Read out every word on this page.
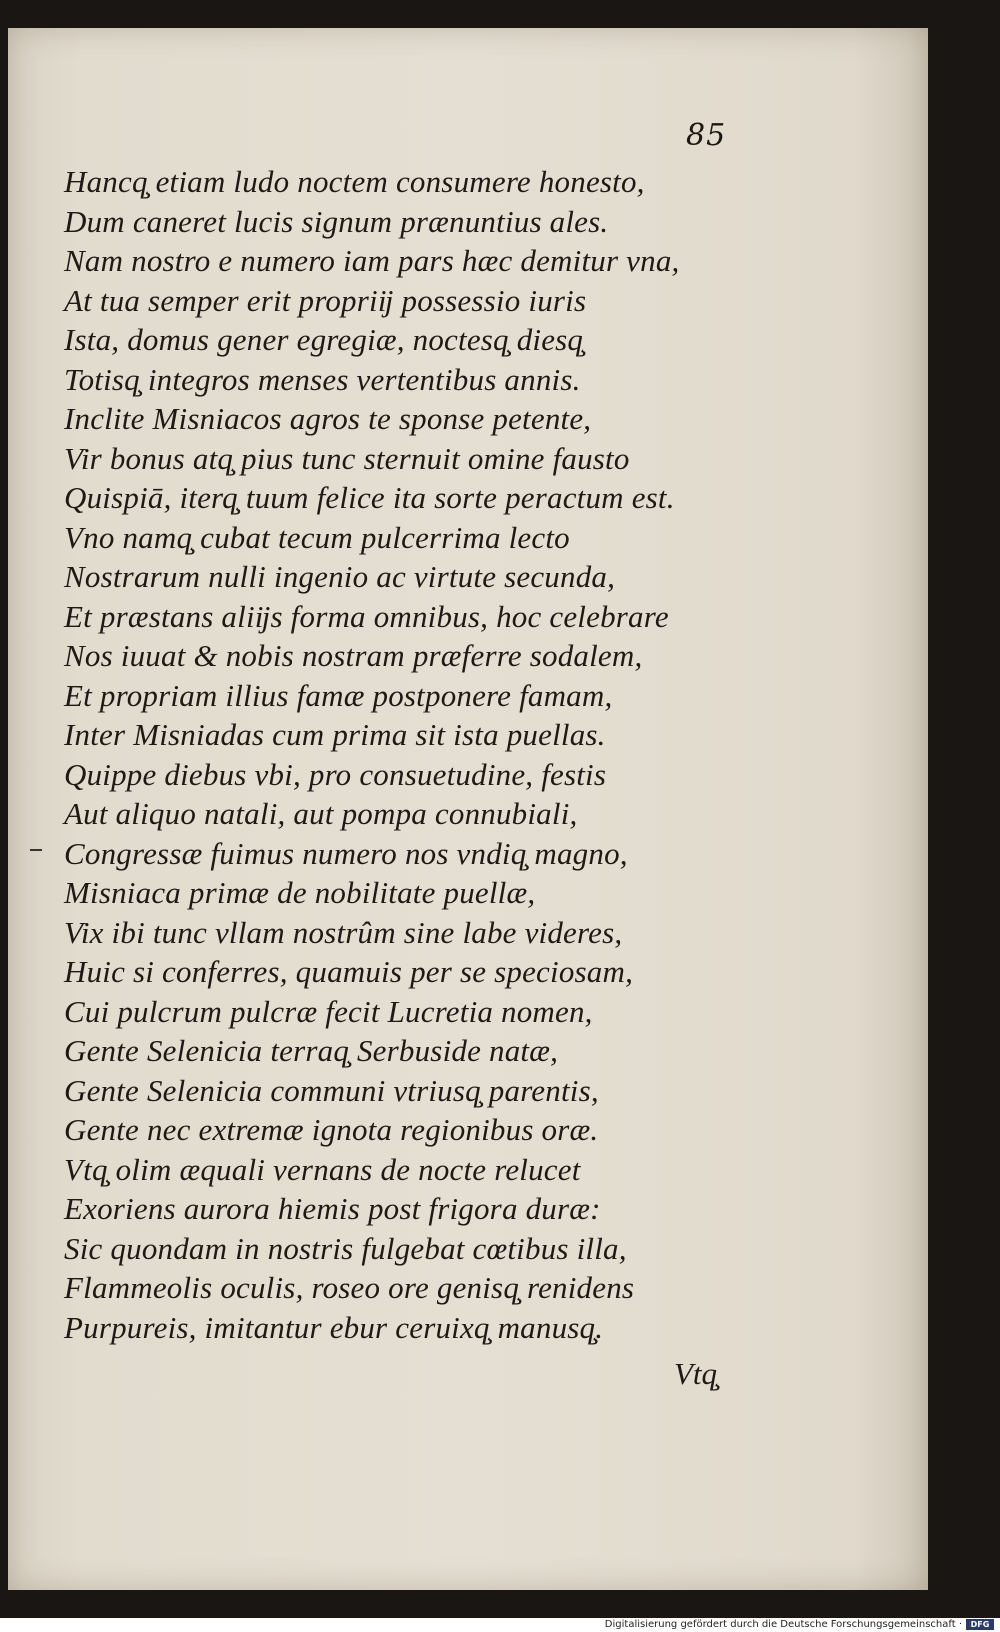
85
Hancq̧ etiam ludo noctem consumere honesto,
Dum caneret lucis signum prænuntius ales.
Nam nostro e numero iam pars hæc demitur vna,
At tua semper erit propriĳ possessio iuris
Ista, domus gener egregiæ, noctesq̧ diesq̧
Totisq̧ integros menses vertentibus annis.
Inclite Misniacos agros te sponse petente,
Vir bonus atq̧ pius tunc sternuit omine fausto
Quispiā, iterq̧ tuum felice ita sorte peractum est.
Vno namq̧ cubat tecum pulcerrima lecto
Nostrarum nulli ingenio ac virtute secunda,
Et præstans aliĳs forma omnibus, hoc celebrare
Nos iuuat & nobis nostram præferre sodalem,
Et propriam illius famæ postponere famam,
Inter Misniadas cum prima sit ista puellas.
Quippe diebus vbi, pro consuetudine, festis
Aut aliquo natali, aut pompa connubiali,
Congressæ fuimus numero nos vndiq̧ magno,
Misniaca primæ de nobilitate puellæ,
Vix ibi tunc vllam nostrûm sine labe videres,
Huic si conferres, quamuis per se speciosam,
Cui pulcrum pulcræ fecit Lucretia nomen,
Gente Selenicia terraq̧ Serbuside natæ,
Gente Selenicia communi vtriusq̧ parentis,
Gente nec extremæ ignota regionibus oræ.
Vtq̧ olim æquali vernans de nocte relucet
Exoriens aurora hiemis post frigora duræ:
Sic quondam in nostris fulgebat cœtibus illa,
Flammeolis oculis, roseo ore genisq̧ renidens
Purpureis, imitantur ebur ceruixq̧ manusq̧.
Vtq̧
Digitalisierung gefördert durch die Deutsche Forschungsgemeinschaft ·	DFG
